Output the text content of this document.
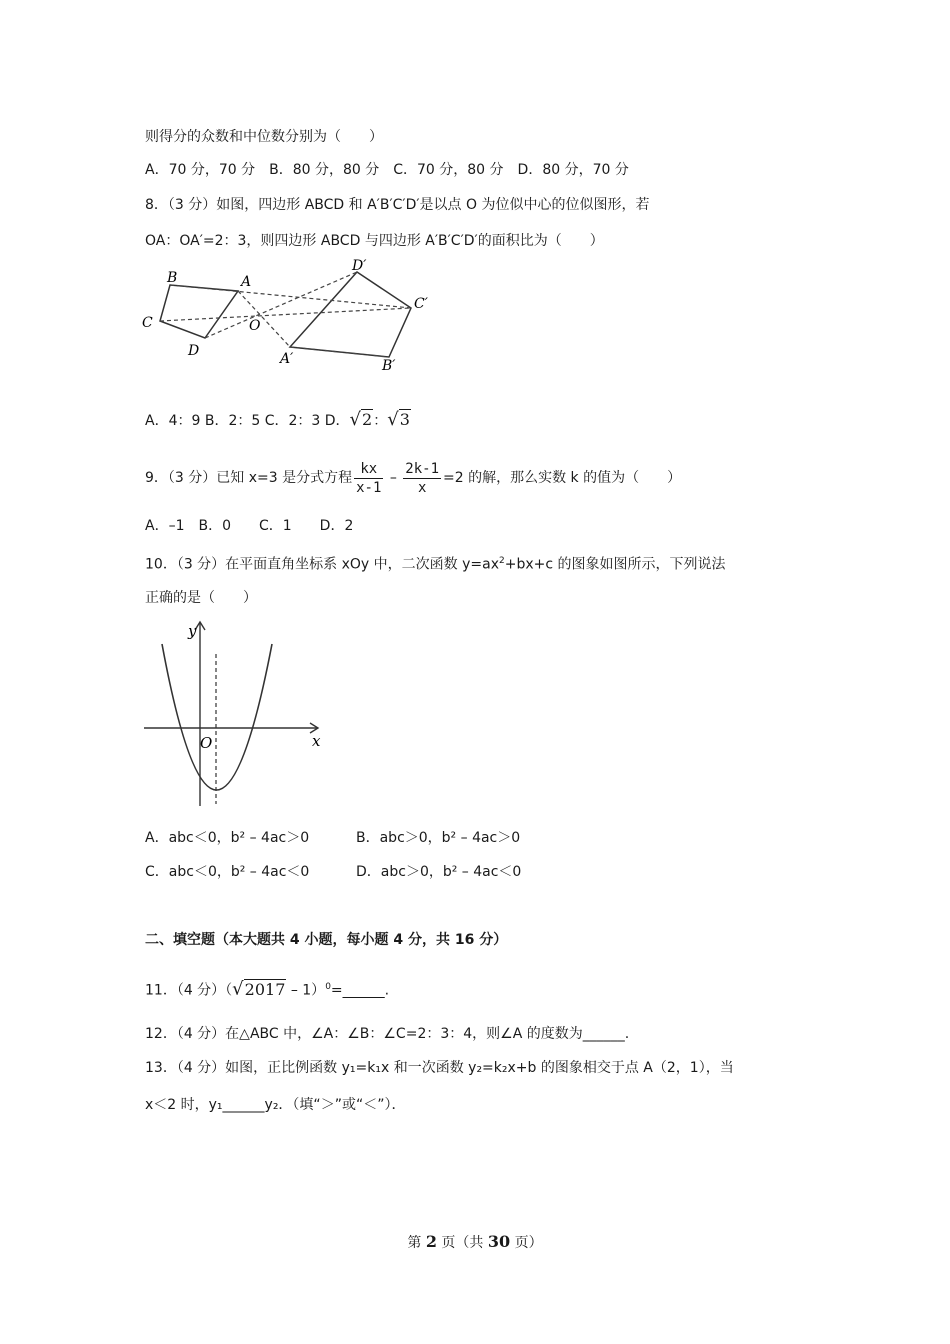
则得分的众数和中位数分别为（　　）
A．70 分，70 分　B．80 分，80 分　C．70 分，80 分　D．80 分，70 分
8．（3 分）如图，四边形 ABCD 和 A′B′C′D′是以点 O 为位似中心的位似图形，若
OA：OA′=2：3，则四边形 ABCD 与四边形 A′B′C′D′的面积比为（　　）
B	A
C
D
O
D′
C′
A′	B′
A．4：9 B．2：5 C．2：3 D．√2：√3
9．（3 分）已知 x=3 是分式方程 $\frac{kx}{x-1} - \frac{2k-1}{x} =2$ 的解，那么实数 k 的值为（　　）
A．–1　B．0　　C．1　　D．2
10．（3 分）在平面直角坐标系 xOy 中，二次函数 $y=ax^2+bx+c$ 的图象如图所示，下列说法
正确的是（　　）
y
x
O
A．abc＜0，b² – 4ac＞0	B．abc＞0，b² – 4ac＞0
C．abc＜0，b² – 4ac＜0	D．abc＞0，b² – 4ac＜0
二、填空题（本大题共 4 小题，每小题 4 分，共 16 分）
11．（4 分）（√2017 – 1）$^0$=______.
12．（4 分）在△ABC 中，∠A：∠B：∠C=2：3：4，则∠A 的度数为______.
13．（4 分）如图，正比例函数 y₁=k₁x 和一次函数 y₂=k₂x+b 的图象相交于点 A（2，1），当
x＜2 时，y₁______y₂．（填“＞”或“＜”）．
第 2 页（共 30 页）
